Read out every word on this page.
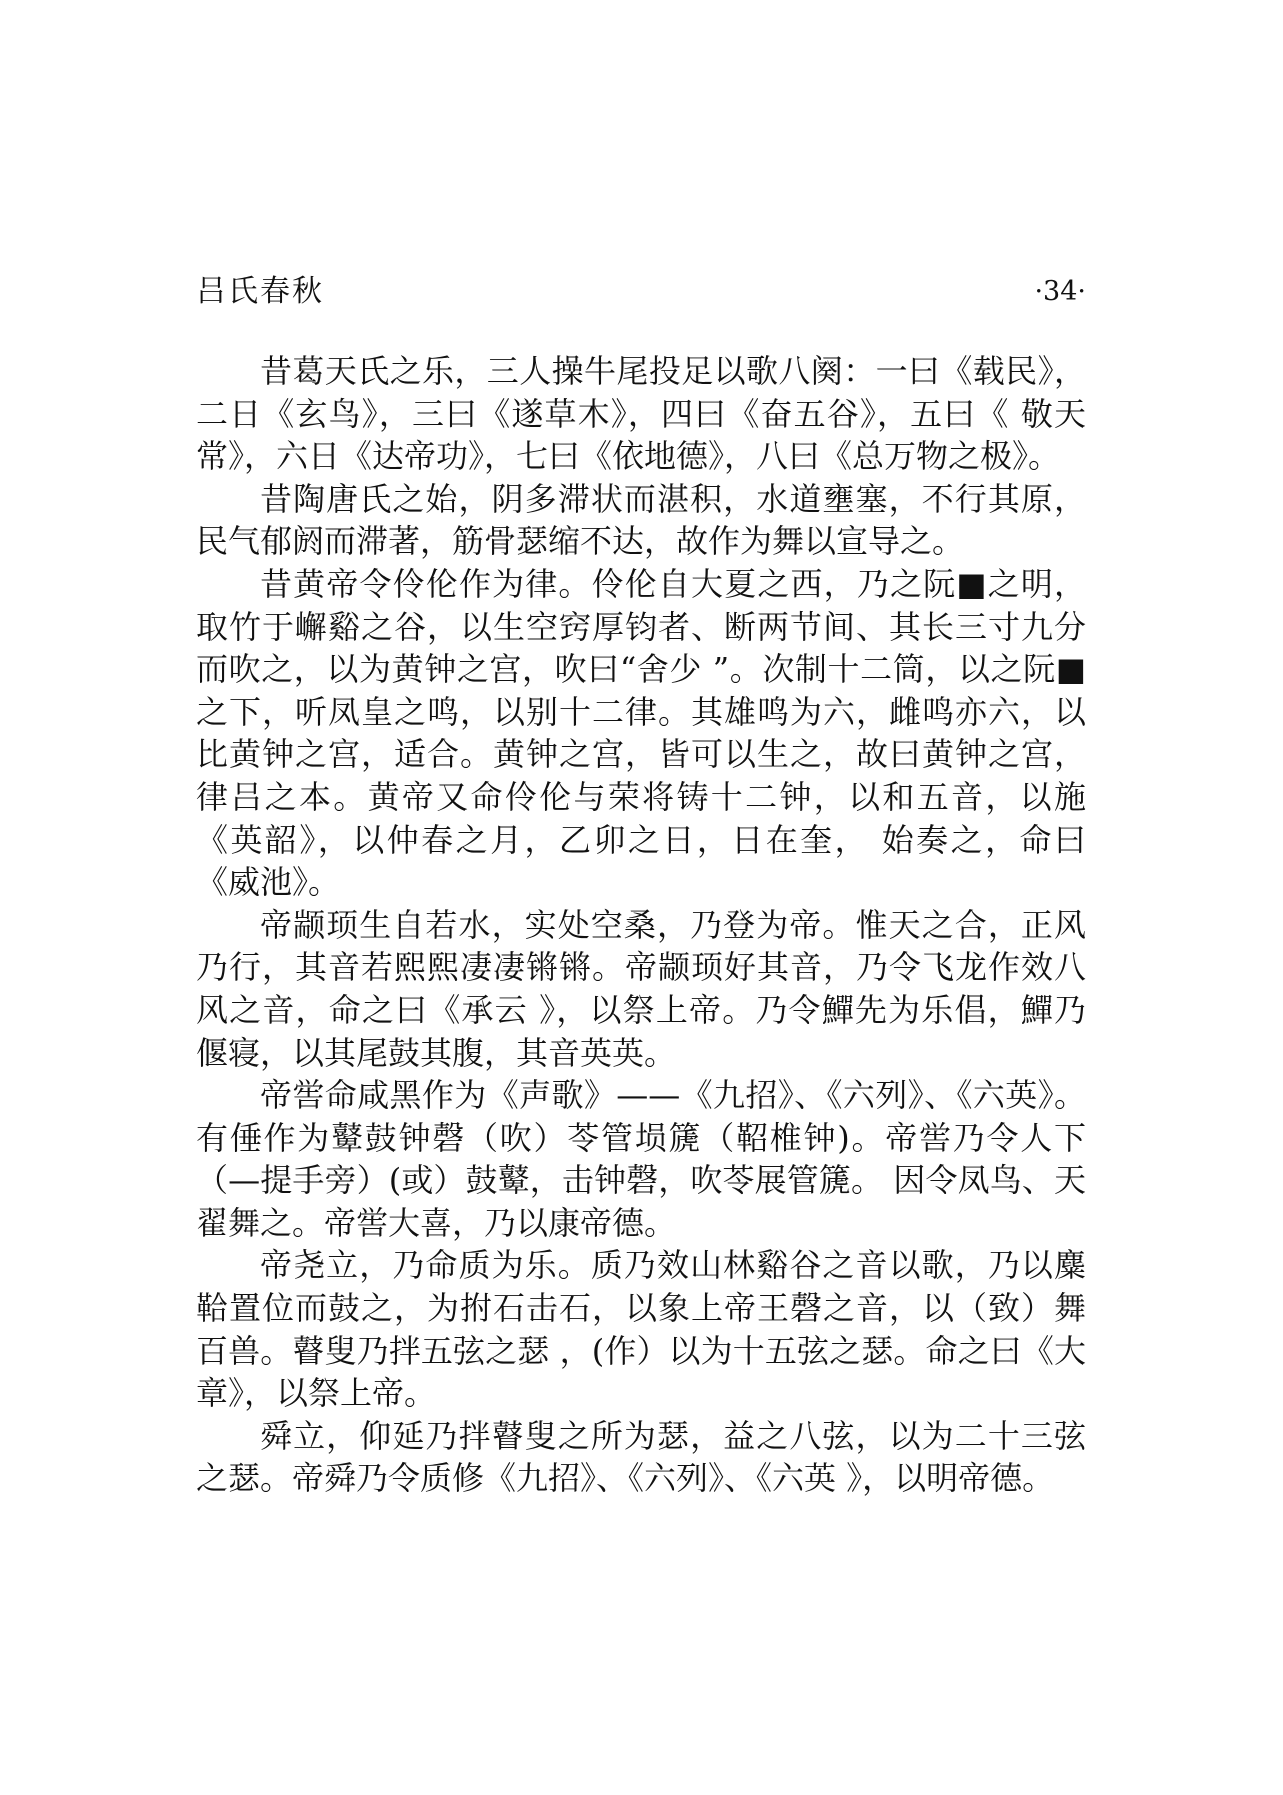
吕氏春秋	·34·

昔葛天氏之乐，三人操牛尾投足以歌八阕：一曰《载民》，二日《玄鸟》，三曰《遂草木》，四曰《奋五谷》，五曰《 敬天常》，六日《达帝功》，七曰《依地德》，八曰《总万物之极》。

昔陶唐氏之始，阴多滞状而湛积，水道壅塞，不行其原，民气郁阏而滞著，筋骨瑟缩不达，故作为舞以宣导之。

昔黄帝令伶伦作为律。伶伦自大夏之西，乃之阮■之明，取竹于嶰谿之谷，以生空窍厚钧者、断两节间、其长三寸九分而吹之，以为黄钟之宫，吹曰“舍少 ”。次制十二筒，以之阮■之下，听凤皇之鸣，以别十二律。其雄鸣为六，雌鸣亦六，以比黄钟之宫，适合。黄钟之宫，皆可以生之，故曰黄钟之宫，律吕之本。黄帝又命伶伦与荣将铸十二钟，以和五音，以施《英韶》，以仲春之月，乙卯之日，日在奎， 始奏之，命曰《威池》。

帝颛顼生自若水，实处空桑，乃登为帝。惟天之合，正风乃行，其音若熙熙凄凄锵锵。帝颛顼好其音，乃令飞龙作效八风之音，命之曰《承云 》，以祭上帝。乃令鱓先为乐倡，鱓乃偃寝，以其尾鼓其腹，其音英英。

帝喾命咸黑作为《声歌》——《九招》、《六列》、《六英》。有倕作为鼙鼓钟磬（吹）苓管埙篪（鞀椎钟)。帝喾乃令人下（—提手旁）(或）鼓鼙，击钟磬，吹苓展管篪。 因令凤鸟、天翟舞之。帝喾大喜，乃以康帝德。

帝尧立，乃命质为乐。质乃效山林谿谷之音以歌，乃以麋鞈置位而鼓之，为拊石击石，以象上帝王磬之音，以（致）舞百兽。瞽叟乃拌五弦之瑟 ，(作）以为十五弦之瑟。命之曰《大章》，以祭上帝。

舜立，仰延乃拌瞽叟之所为瑟，益之八弦，以为二十三弦之瑟。帝舜乃令质修《九招》、《六列》、《六英 》，以明帝德。
